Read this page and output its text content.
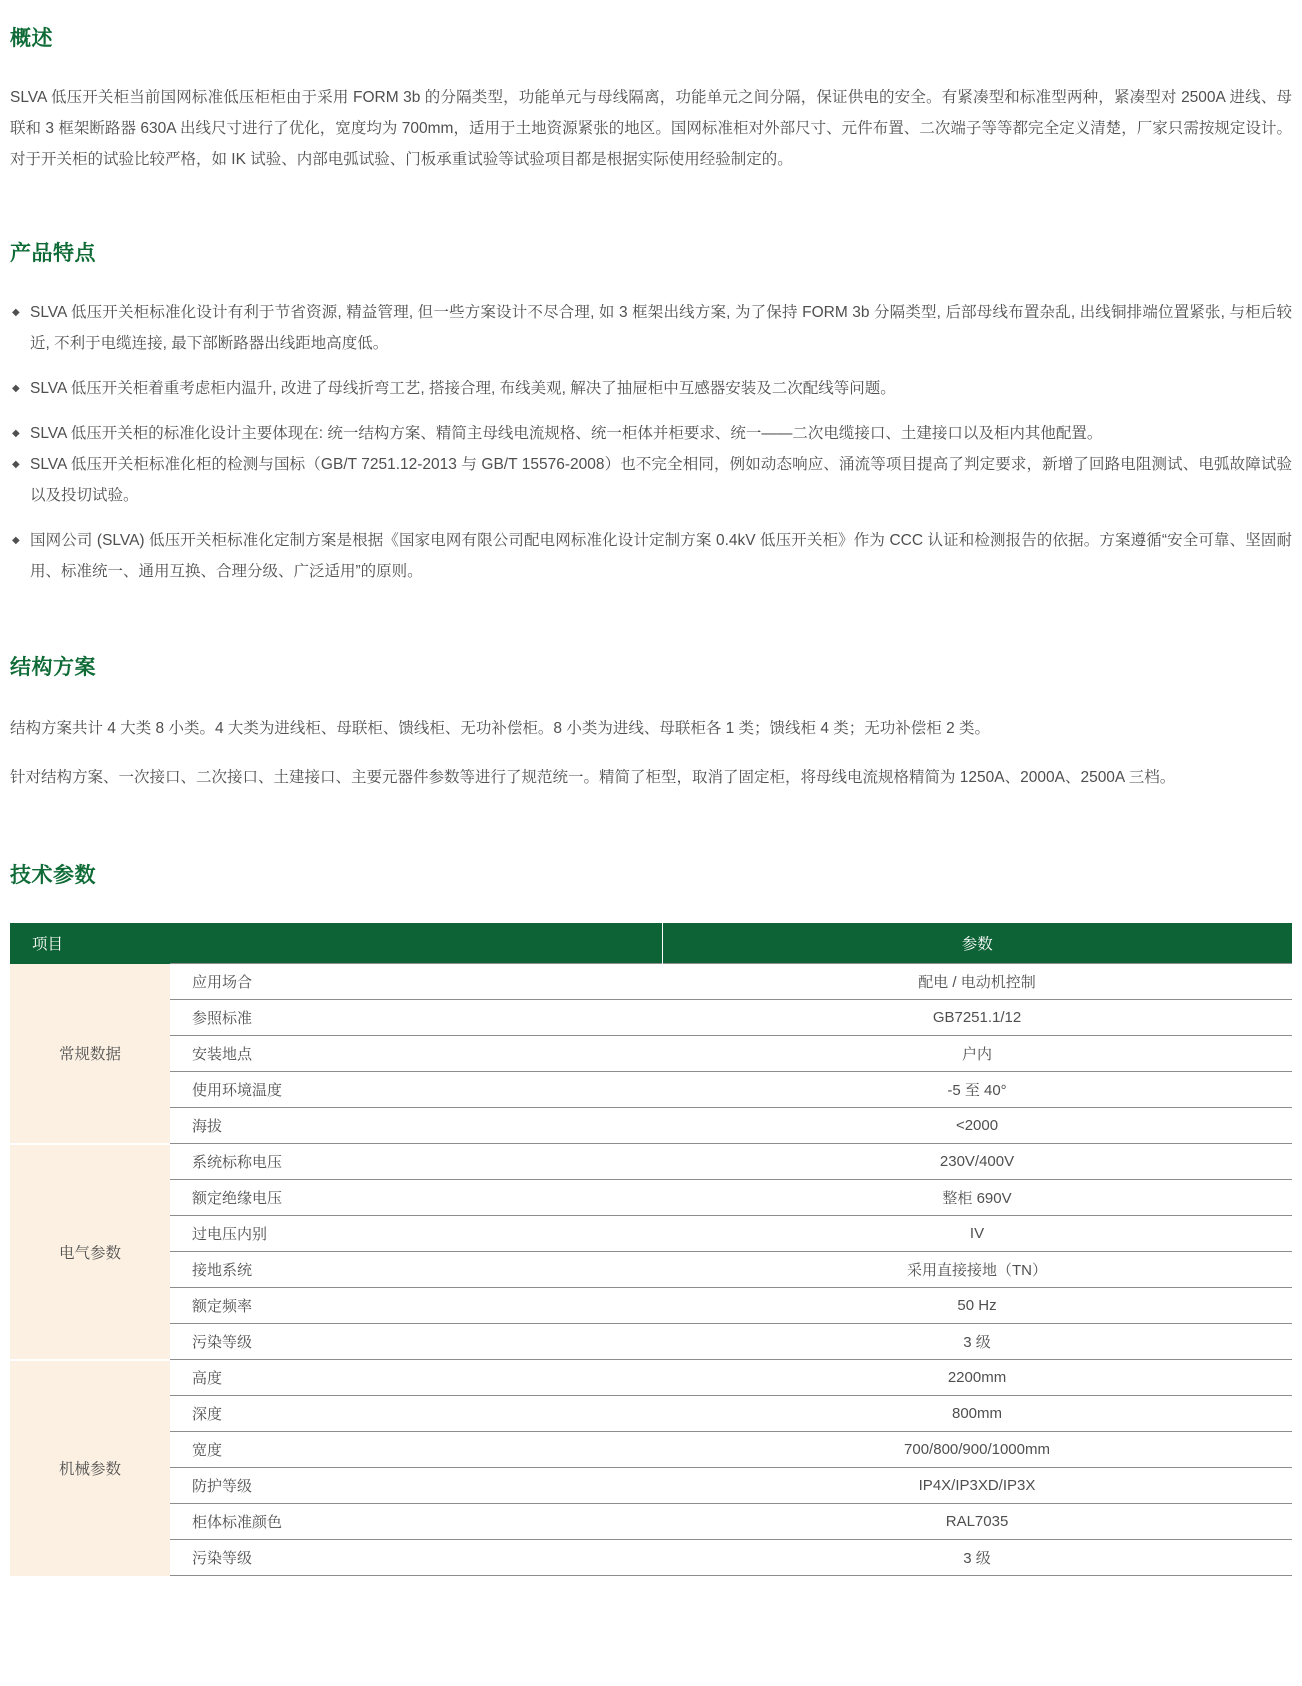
概述

SLVA 低压开关柜当前国网标准低压柜柜由于采用 FORM 3b 的分隔类型，功能单元与母线隔离，功能单元之间分隔，保证供电的安全。有紧凑型和标准型两种，紧凑型对 2500A 进线、母联和 3 框架断路器 630A 出线尺寸进行了优化，宽度均为 700mm，适用于土地资源紧张的地区。国网标准柜对外部尺寸、元件布置、二次端子等等都完全定义清楚，厂家只需按规定设计。对于开关柜的试验比较严格，如 IK 试验、内部电弧试验、门板承重试验等试验项目都是根据实际使用经验制定的。

产品特点
◆ SLVA 低压开关柜标准化设计有利于节省资源, 精益管理, 但一些方案设计不尽合理, 如 3 框架出线方案, 为了保持 FORM 3b 分隔类型, 后部母线布置杂乱, 出线铜排端位置紧张, 与柜后较近, 不利于电缆连接, 最下部断路器出线距地高度低。
◆ SLVA 低压开关柜着重考虑柜内温升, 改进了母线折弯工艺, 搭接合理, 布线美观, 解决了抽屉柜中互感器安装及二次配线等问题。
◆ SLVA 低压开关柜的标准化设计主要体现在: 统一结构方案、精简主母线电流规格、统一柜体并柜要求、统一——二次电缆接口、土建接口以及柜内其他配置。
◆ SLVA 低压开关柜标准化柜的检测与国标（GB/T 7251.12-2013 与 GB/T 15576-2008）也不完全相同，例如动态响应、涌流等项目提高了判定要求，新增了回路电阻测试、电弧故障试验以及投切试验。
◆ 国网公司 (SLVA) 低压开关柜标准化定制方案是根据《国家电网有限公司配电网标准化设计定制方案 0.4kV 低压开关柜》作为 CCC 认证和检测报告的依据。方案遵循“安全可靠、坚固耐用、标准统一、通用互换、合理分级、广泛适用”的原则。
结构方案

结构方案共计 4 大类 8 小类。4 大类为进线柜、母联柜、馈线柜、无功补偿柜。8 小类为进线、母联柜各 1 类；馈线柜 4 类；无功补偿柜 2 类。

针对结构方案、一次接口、二次接口、土建接口、主要元器件参数等进行了规范统一。精简了柜型，取消了固定柜，将母线电流规格精简为 1250A、2000A、2500A 三档。

技术参数
项目		参数
常规数据	应用场合	配电 / 电动机控制
	参照标准	GB7251.1/12
	安装地点	户内
	使用环境温度	-5 至 40°
	海拔	<2000
电气参数	系统标称电压	230V/400V
	额定绝缘电压	整柜 690V
	过电压内别	IV
	接地系统	采用直接接地（TN）
	额定频率	50 Hz
	污染等级	3 级
机械参数	高度	2200mm
	深度	800mm
	宽度	700/800/900/1000mm
	防护等级	IP4X/IP3XD/IP3X
	柜体标准颜色	RAL7035
	污染等级	3 级
